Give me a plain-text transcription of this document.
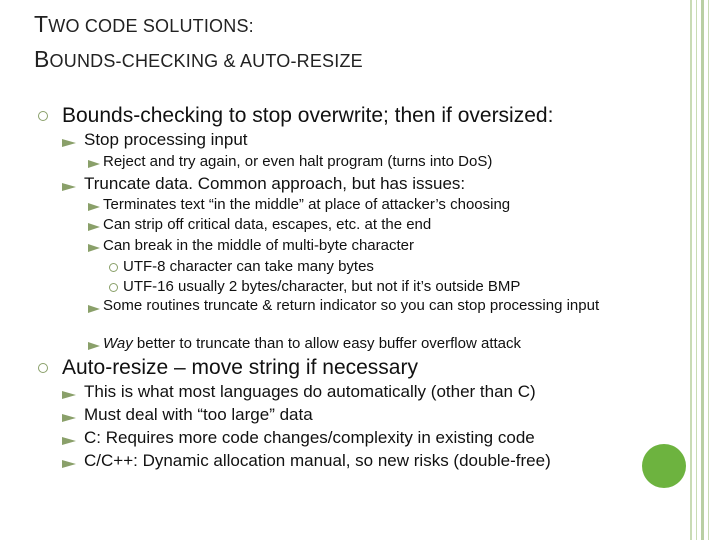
TWO CODE SOLUTIONS:
BOUNDS-CHECKING & AUTO-RESIZE
Bounds-checking to stop overwrite; then if oversized:
Stop processing input
Reject and try again, or even halt program (turns into DoS)
Truncate data. Common approach, but has issues:
Terminates text “in the middle” at place of attacker’s choosing
Can strip off critical data, escapes, etc. at the end
Can break in the middle of multi-byte character
UTF-8 character can take many bytes
UTF-16 usually 2 bytes/character, but not if it’s outside BMP
Some routines truncate & return indicator so you can stop processing input
Way better to truncate than to allow easy buffer overflow attack
Auto-resize – move string if necessary
This is what most languages do automatically (other than C)
Must deal with “too large” data
C: Requires more code changes/complexity in existing code
C/C++: Dynamic allocation manual, so new risks (double-free)
